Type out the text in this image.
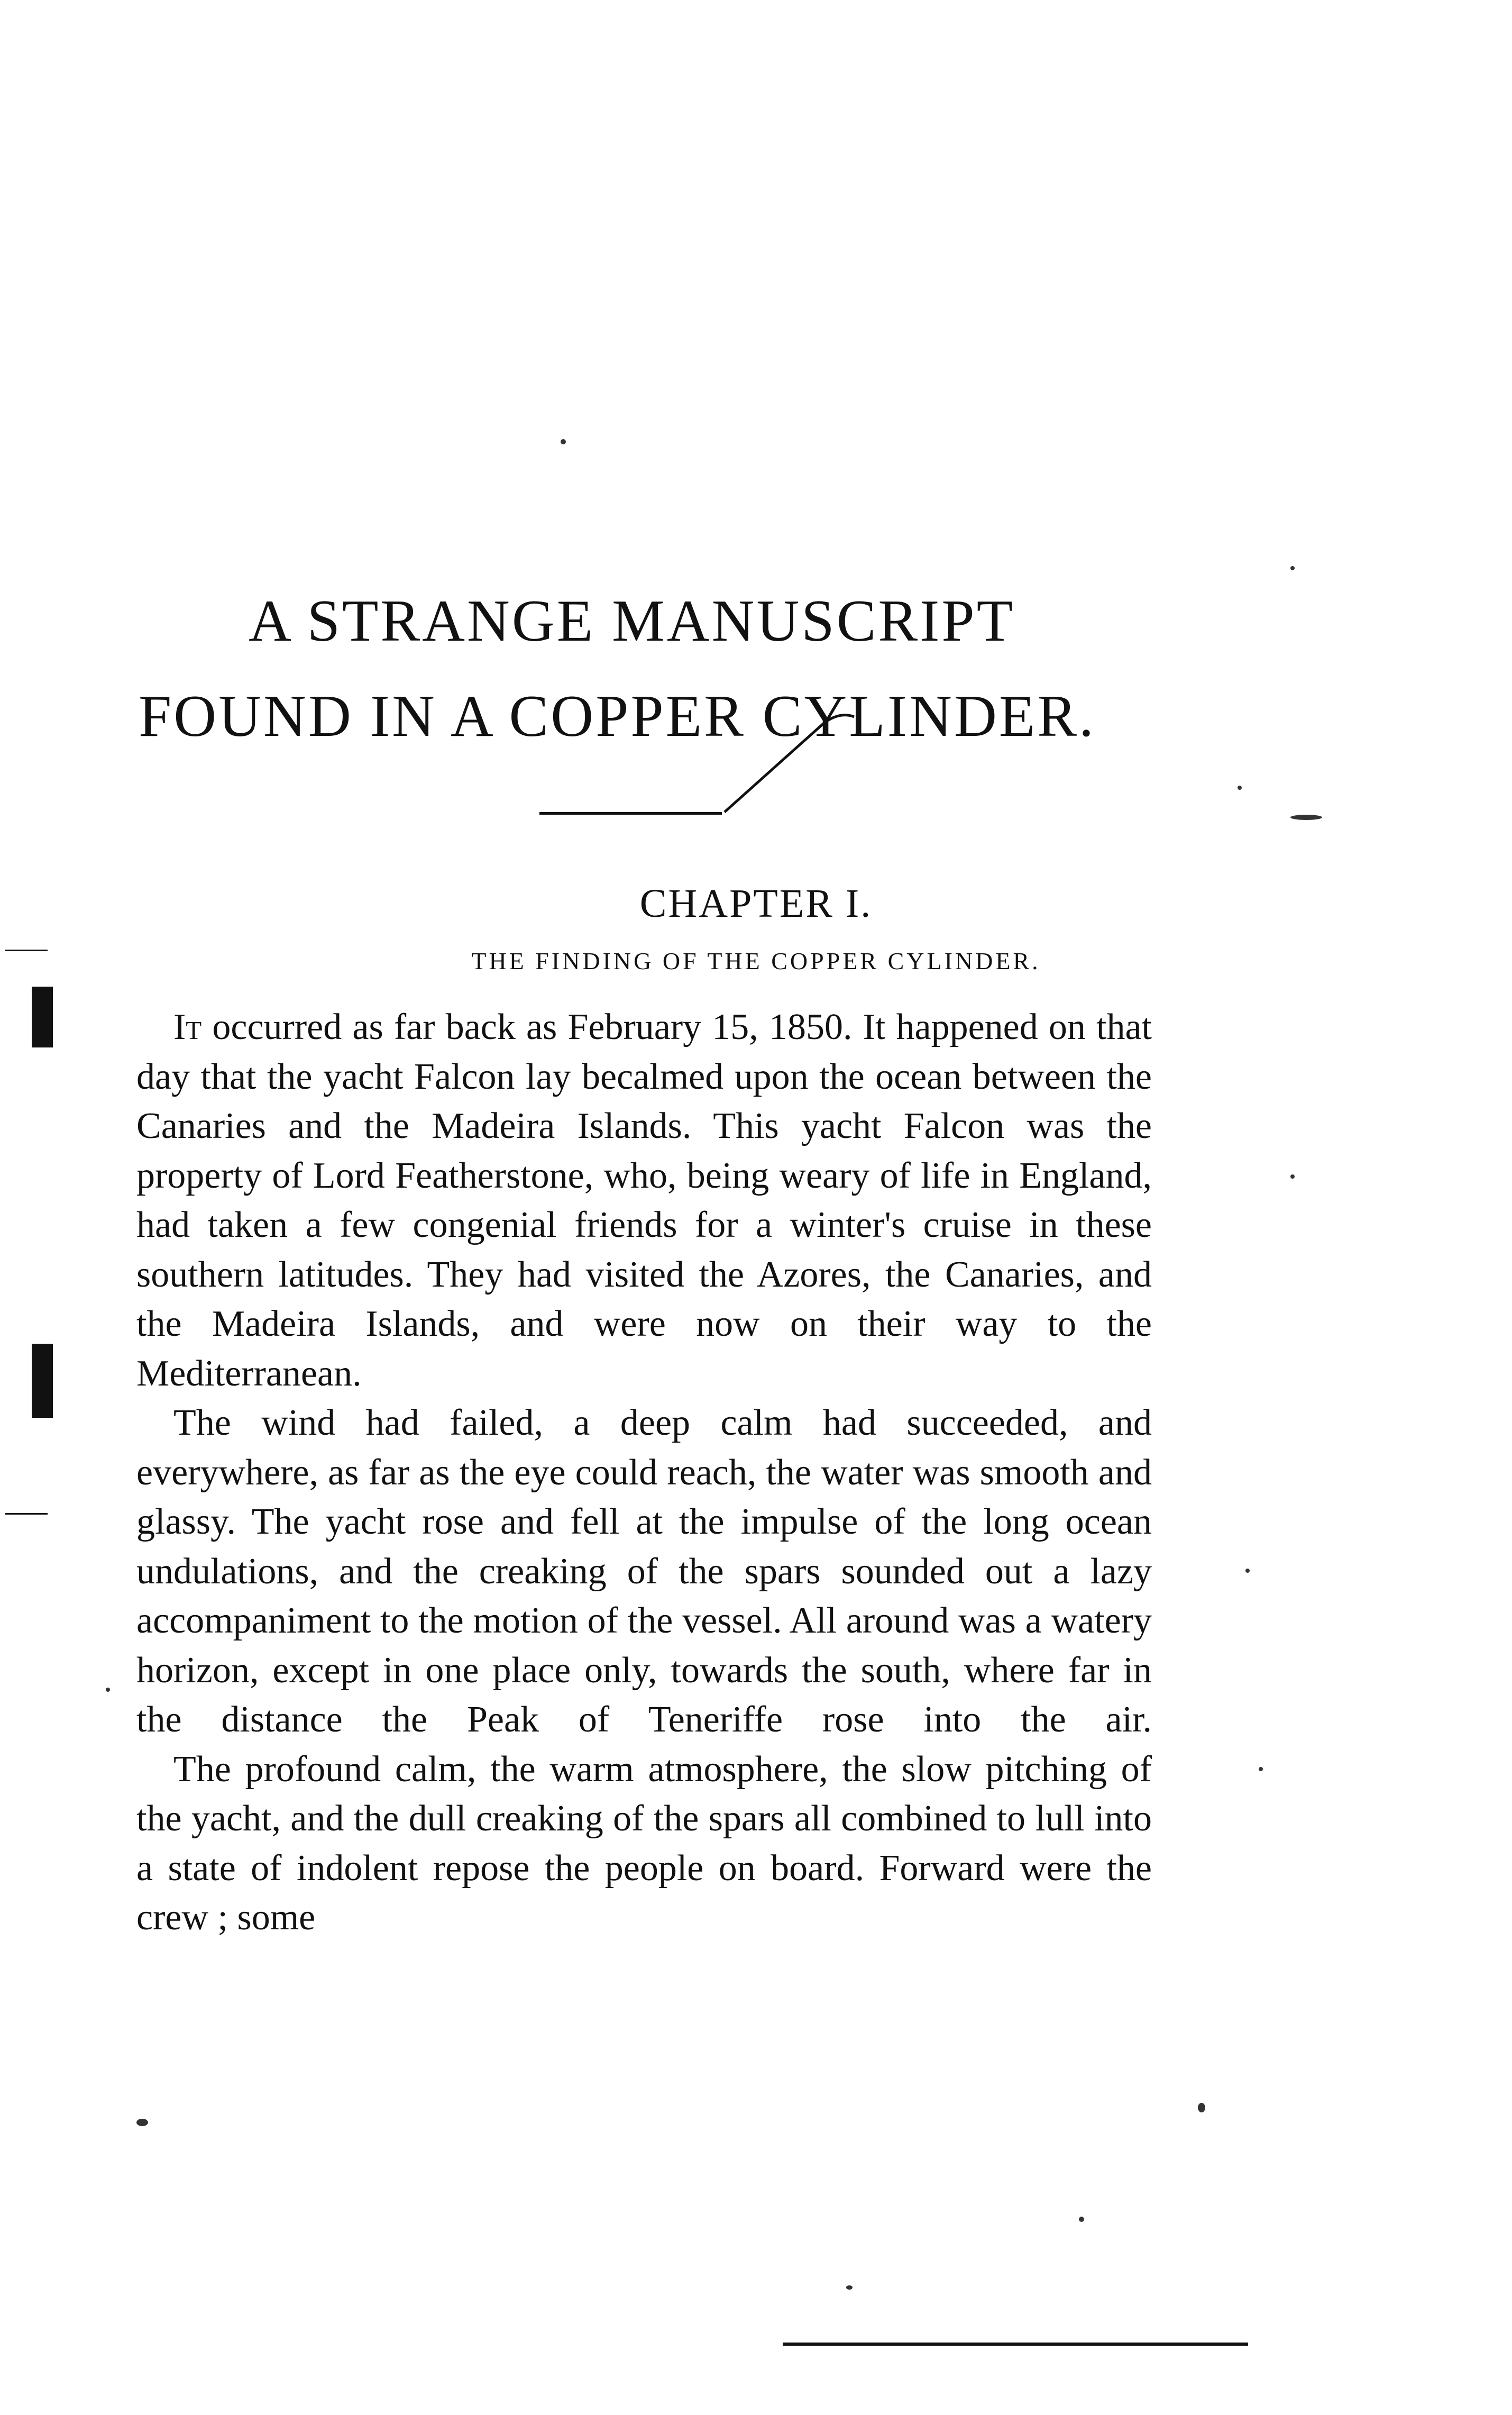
A STRANGE MANUSCRIPT
FOUND IN A COPPER CYLINDER.
CHAPTER I.
THE FINDING OF THE COPPER CYLINDER.

It occurred as far back as February 15, 1850. It happened on that day that the yacht Falcon lay becalmed upon the ocean between the Canaries and the Madeira Islands. This yacht Falcon was the property of Lord Featherstone, who, being weary of life in England, had taken a few congenial friends for a winter's cruise in these southern latitudes. They had visited the Azores, the Canaries, and the Madeira Islands, and were now on their way to the Mediterranean.

The wind had failed, a deep calm had succeeded, and everywhere, as far as the eye could reach, the water was smooth and glassy. The yacht rose and fell at the impulse of the long ocean undulations, and the creaking of the spars sounded out a lazy accompaniment to the motion of the vessel. All around was a watery horizon, except in one place only, towards the south, where far in the distance the Peak of Teneriffe rose into the air.

The profound calm, the warm atmosphere, the slow pitching of the yacht, and the dull creaking of the spars all combined to lull into a state of indolent repose the people on board. Forward were the crew ; some
